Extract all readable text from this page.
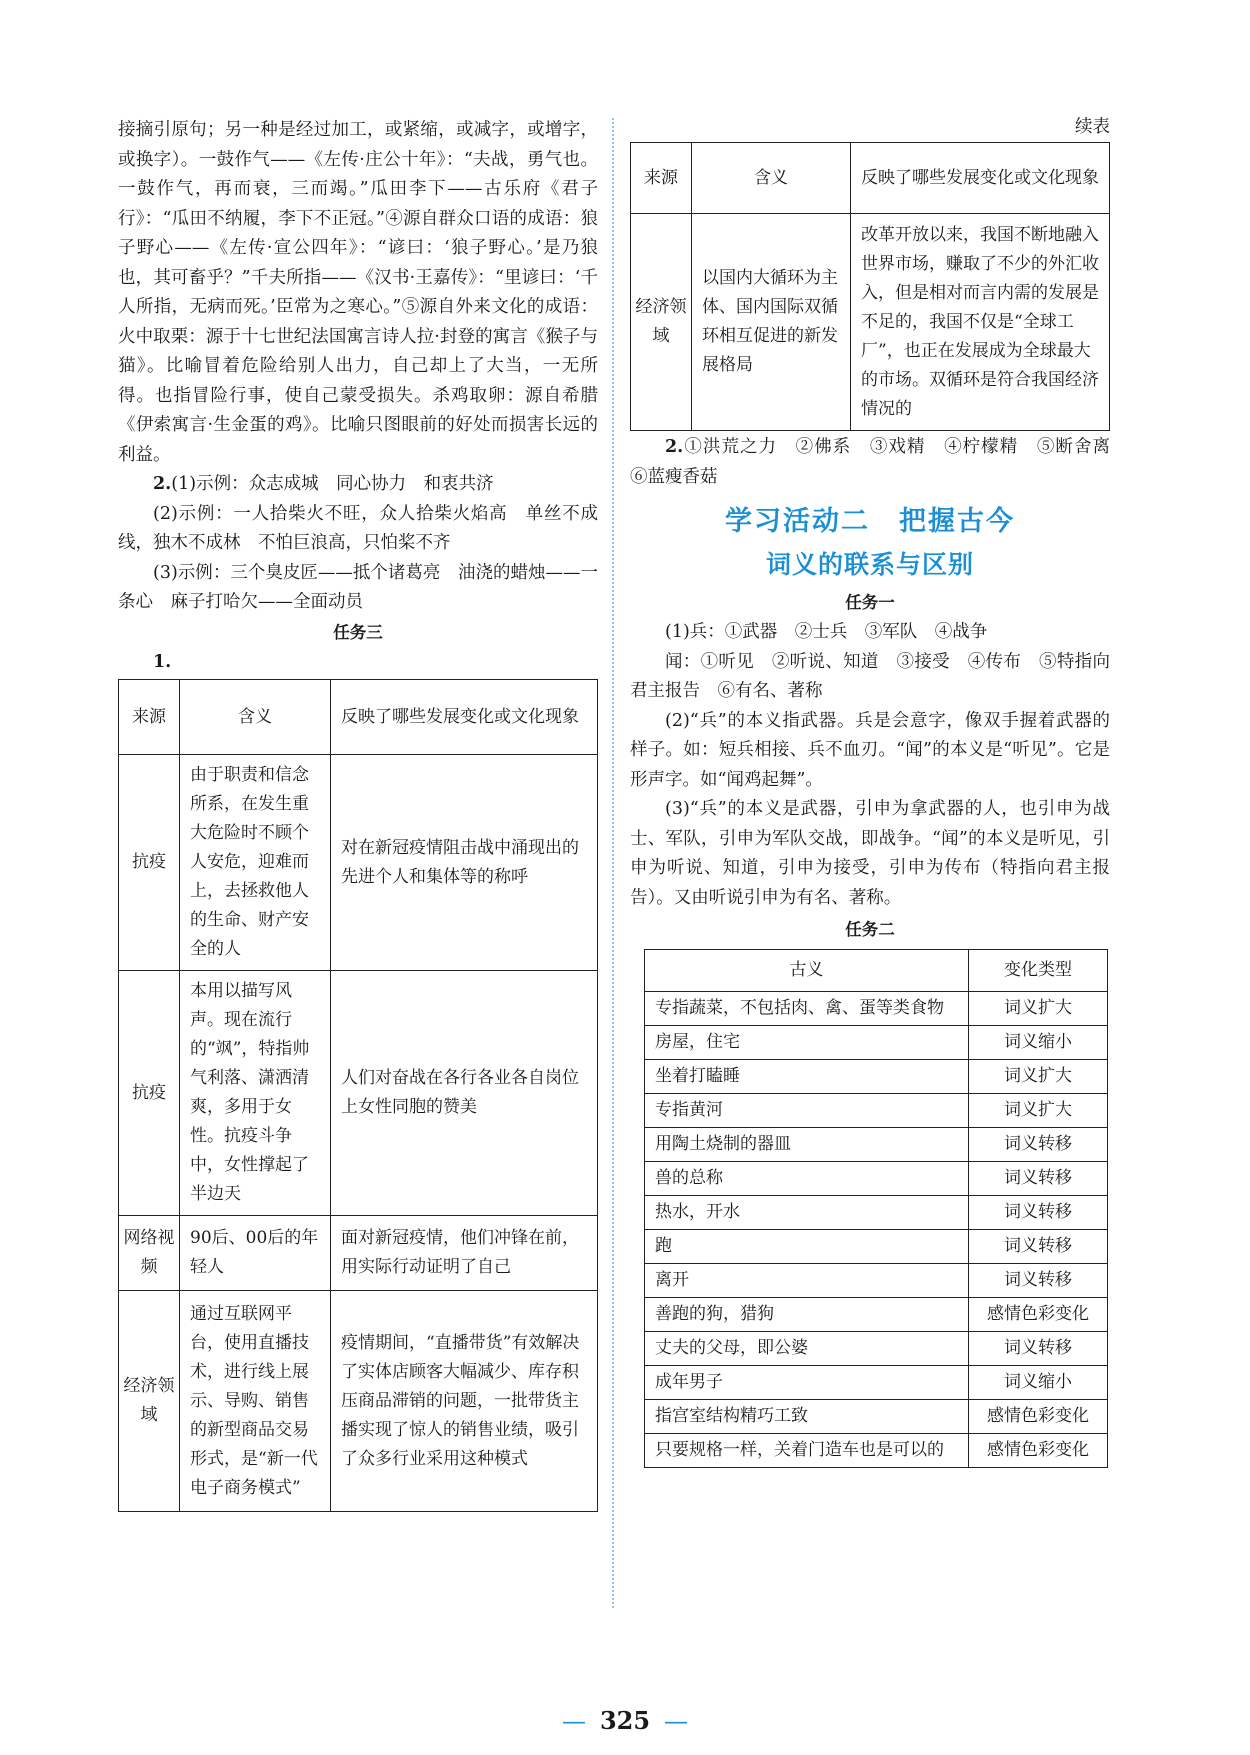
接摘引原句；另一种是经过加工，或紧缩，或减字，或增字，或换字）。一鼓作气——《左传·庄公十年》：“夫战，勇气也。一鼓作气，再而衰，三而竭。”瓜田李下——古乐府《君子行》：“瓜田不纳履，李下不正冠。”④源自群众口语的成语：狼子野心——《左传·宣公四年》：“谚曰：‘狼子野心。’是乃狼也，其可畜乎？”千夫所指——《汉书·王嘉传》：“里谚曰：‘千人所指，无病而死。’臣常为之寒心。”⑤源自外来文化的成语：火中取栗：源于十七世纪法国寓言诗人拉·封登的寓言《猴子与猫》。比喻冒着危险给别人出力，自己却上了大当，一无所得。也指冒险行事，使自己蒙受损失。杀鸡取卵：源自希腊《伊索寓言·生金蛋的鸡》。比喻只图眼前的好处而损害长远的利益。

2.(1)示例：众志成城　同心协力　和衷共济

(2)示例：一人拾柴火不旺，众人拾柴火焰高　单丝不成线，独木不成林　不怕巨浪高，只怕桨不齐

(3)示例：三个臭皮匠——抵个诸葛亮　油浇的蜡烛——一条心　麻子打哈欠——全面动员

任务三

1.

来源	含义	反映了哪些发展变化或文化现象
抗疫	由于职责和信念所系，在发生重大危险时不顾个人安危，迎难而上，去拯救他人的生命、财产安全的人	对在新冠疫情阻击战中涌现出的先进个人和集体等的称呼
抗疫	本用以描写风声。现在流行的“飒”，特指帅气利落、潇洒清爽，多用于女性。抗疫斗争中，女性撑起了半边天	人们对奋战在各行各业各自岗位上女性同胞的赞美
网络视频	90后、00后的年轻人	面对新冠疫情，他们冲锋在前，用实际行动证明了自己
经济领域	通过互联网平台，使用直播技术，进行线上展示、导购、销售的新型商品交易形式，是“新一代电子商务模式”	疫情期间，“直播带货”有效解决了实体店顾客大幅减少、库存积压商品滞销的问题，一批带货主播实现了惊人的销售业绩，吸引了众多行业采用这种模式
续表
来源	含义	反映了哪些发展变化或文化现象
经济领域	以国内大循环为主体、国内国际双循环相互促进的新发展格局	改革开放以来，我国不断地融入世界市场，赚取了不少的外汇收入，但是相对而言内需的发展是不足的，我国不仅是“全球工厂”，也正在发展成为全球最大的市场。双循环是符合我国经济情况的

2.①洪荒之力　②佛系　③戏精　④柠檬精　⑤断舍离　⑥蓝瘦香菇

学习活动二　把握古今
词义的联系与区别
任务一

(1)兵：①武器　②士兵　③军队　④战争

闻：①听见　②听说、知道　③接受　④传布　⑤特指向君主报告　⑥有名、著称

(2)“兵”的本义指武器。兵是会意字，像双手握着武器的样子。如：短兵相接、兵不血刃。“闻”的本义是“听见”。它是形声字。如“闻鸡起舞”。

(3)“兵”的本义是武器，引申为拿武器的人，也引申为战士、军队，引申为军队交战，即战争。“闻”的本义是听见，引申为听说、知道，引申为接受，引申为传布（特指向君主报告）。又由听说引申为有名、著称。

任务二
古义	变化类型
专指蔬菜，不包括肉、禽、蛋等类食物	词义扩大
房屋，住宅	词义缩小
坐着打瞌睡	词义扩大
专指黄河	词义扩大
用陶土烧制的器皿	词义转移
兽的总称	词义转移
热水，开水	词义转移
跑	词义转移
离开	词义转移
善跑的狗，猎狗	感情色彩变化
丈夫的父母，即公婆	词义转移
成年男子	词义缩小
指宫室结构精巧工致	感情色彩变化
只要规格一样，关着门造车也是可以的	感情色彩变化
— 325 —
